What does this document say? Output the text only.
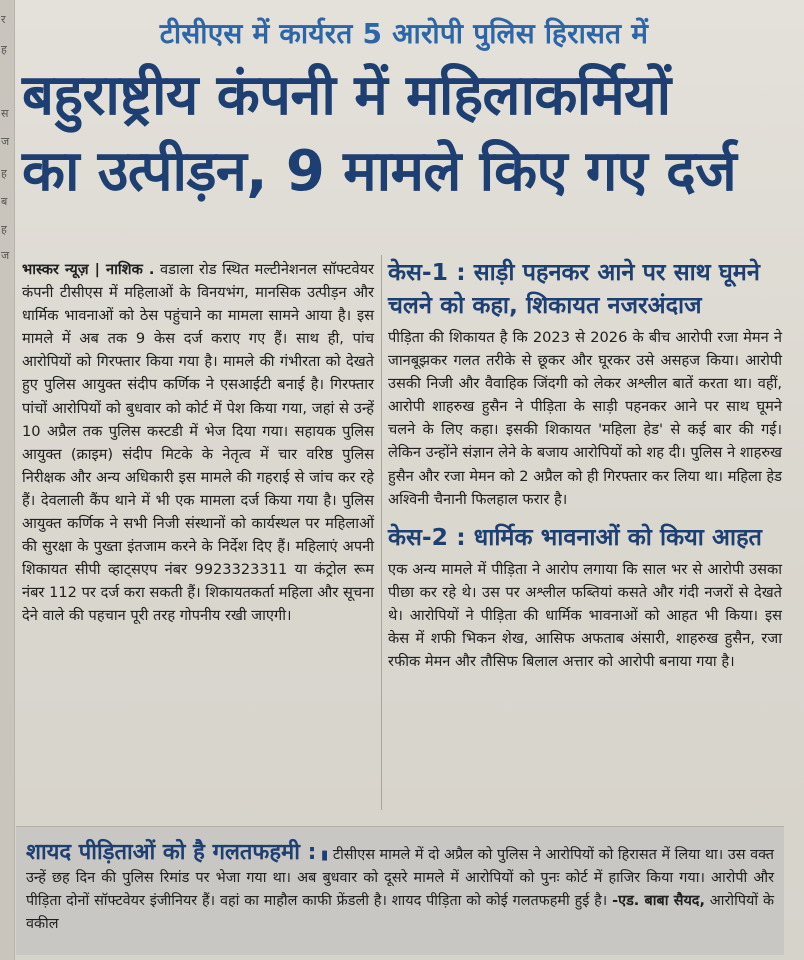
र
ह
स
ज
ह
ब
ह
ज
टीसीएस में कार्यरत 5 आरोपी पुलिस हिरासत में
बहुराष्ट्रीय कंपनी में महिलाकर्मियों
का उत्पीड़न, 9 मामले किए गए दर्ज
भास्कर न्यूज़ | नाशिक . वडाला रोड स्थित मल्टीनेशनल सॉफ्टवेयर कंपनी टीसीएस में महिलाओं के विनयभंग, मानसिक उत्पीड़न और धार्मिक भावनाओं को ठेस पहुंचाने का मामला सामने आया है। इस मामले में अब तक 9 केस दर्ज कराए गए हैं। साथ ही, पांच आरोपियों को गिरफ्तार किया गया है। मामले की गंभीरता को देखते हुए पुलिस आयुक्त संदीप कर्णिक ने एसआईटी बनाई है। गिरफ्तार पांचों आरोपियों को बुधवार को कोर्ट में पेश किया गया, जहां से उन्हें 10 अप्रैल तक पुलिस कस्टडी में भेज दिया गया। सहायक पुलिस आयुक्त (क्राइम) संदीप मिटके के नेतृत्व में चार वरिष्ठ पुलिस निरीक्षक और अन्य अधिकारी इस मामले की गहराई से जांच कर रहे हैं। देवलाली कैंप थाने में भी एक मामला दर्ज किया गया है। पुलिस आयुक्त कर्णिक ने सभी निजी संस्थानों को कार्यस्थल पर महिलाओं की सुरक्षा के पुख्ता इंतजाम करने के निर्देश दिए हैं। महिलाएं अपनी शिकायत सीपी व्हाट्सएप नंबर 9923323311 या कंट्रोल रूम नंबर 112 पर दर्ज करा सकती हैं। शिकायतकर्ता महिला और सूचना देने वाले की पहचान पूरी तरह गोपनीय रखी जाएगी।
केस-1 : साड़ी पहनकर आने पर साथ घूमने चलने को कहा, शिकायत नजरअंदाज
पीड़िता की शिकायत है कि 2023 से 2026 के बीच आरोपी रजा मेमन ने जानबूझकर गलत तरीके से छूकर और घूरकर उसे असहज किया। आरोपी उसकी निजी और वैवाहिक जिंदगी को लेकर अश्लील बातें करता था। वहीं, आरोपी शाहरुख हुसैन ने पीड़िता के साड़ी पहनकर आने पर साथ घूमने चलने के लिए कहा। इसकी शिकायत 'महिला हेड' से कई बार की गई। लेकिन उन्होंने संज्ञान लेने के बजाय आरोपियों को शह दी। पुलिस ने शाहरुख हुसैन और रजा मेमन को 2 अप्रैल को ही गिरफ्तार कर लिया था। महिला हेड अश्विनी चैनानी फिलहाल फरार है।
केस-2 : धार्मिक भावनाओं को किया आहत
एक अन्य मामले में पीड़िता ने आरोप लगाया कि साल भर से आरोपी उसका पीछा कर रहे थे। उस पर अश्लील फब्तियां कसते और गंदी नजरों से देखते थे। आरोपियों ने पीड़िता की धार्मिक भावनाओं को आहत भी किया। इस केस में शफी भिकन शेख, आसिफ अफताब अंसारी, शाहरुख हुसैन, रजा रफीक मेमन और तौसिफ बिलाल अत्तार को आरोपी बनाया गया है।
शायद पीड़िताओं को है गलतफहमी : ▮ टीसीएस मामले में दो अप्रैल को पुलिस ने आरोपियों को हिरासत में लिया था। उस वक्त उन्हें छह दिन की पुलिस रिमांड पर भेजा गया था। अब बुधवार को दूसरे मामले में आरोपियों को पुनः कोर्ट में हाजिर किया गया। आरोपी और पीड़िता दोनों सॉफ्टवेयर इंजीनियर हैं। वहां का माहौल काफी फ्रेंडली है। शायद पीड़िता को कोई गलतफहमी हुई है। -एड. बाबा सैयद, आरोपियों के वकील
